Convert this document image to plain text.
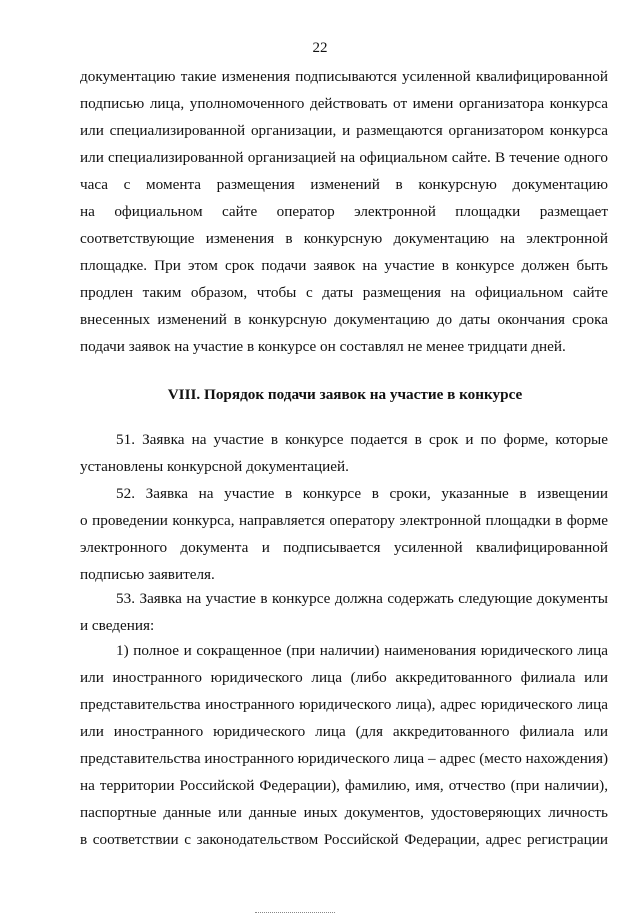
22
документацию такие изменения подписываются усиленной квалифицированной
подписью лица, уполномоченного действовать от имени организатора конкурса
или специализированной организации, и размещаются организатором конкурса
или специализированной организацией на официальном сайте. В течение одного
часа с момента размещения изменений в конкурсную документацию
на официальном сайте оператор электронной площадки размещает
соответствующие изменения в конкурсную документацию на электронной
площадке. При этом срок подачи заявок на участие в конкурсе должен быть
продлен таким образом, чтобы с даты размещения на официальном сайте
внесенных изменений в конкурсную документацию до даты окончания срока
подачи заявок на участие в конкурсе он составлял не менее тридцати дней.
VIII. Порядок подачи заявок на участие в конкурсе
51. Заявка на участие в конкурсе подается в срок и по форме, которые
установлены конкурсной документацией.
52. Заявка на участие в конкурсе в сроки, указанные в извещении
о проведении конкурса, направляется оператору электронной площадки в форме
электронного документа и подписывается усиленной квалифицированной
подписью заявителя.
53. Заявка на участие в конкурсе должна содержать следующие документы
и сведения:
1) полное и сокращенное (при наличии) наименования юридического лица
или иностранного юридического лица (либо аккредитованного филиала или
представительства иностранного юридического лица), адрес юридического лица
или иностранного юридического лица (для аккредитованного филиала или
представительства иностранного юридического лица – адрес (место нахождения)
на территории Российской Федерации), фамилию, имя, отчество (при наличии),
паспортные данные или данные иных документов, удостоверяющих личность
в соответствии с законодательством Российской Федерации, адрес регистрации
